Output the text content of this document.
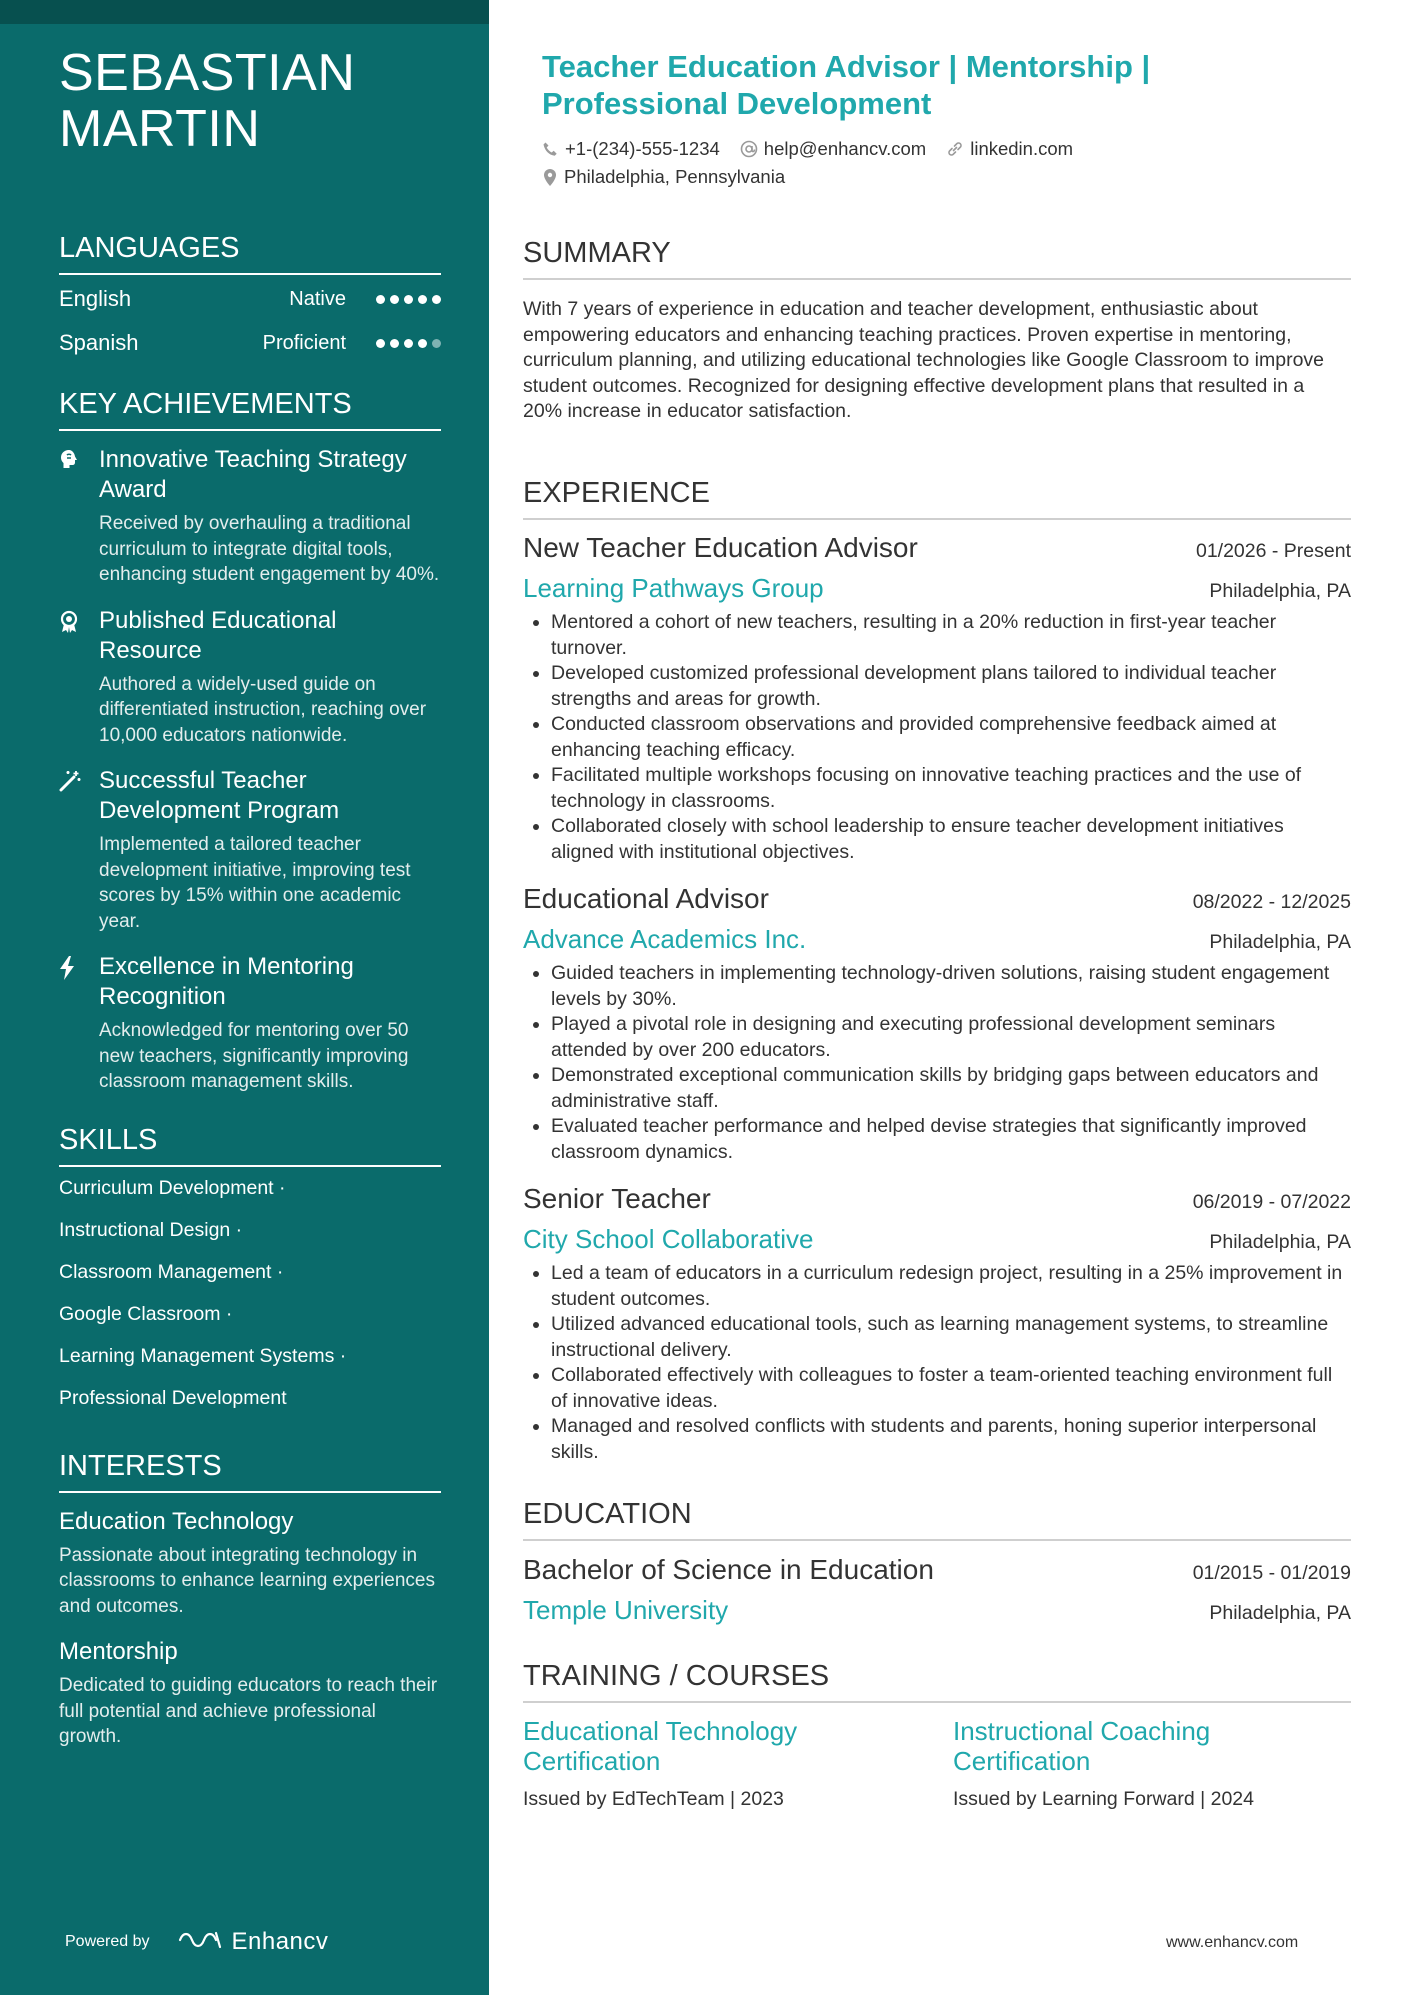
SEBASTIAN MARTIN
LANGUAGES
English	Native
Spanish	Proficient
KEY ACHIEVEMENTS
Innovative Teaching Strategy Award
Received by overhauling a traditional curriculum to integrate digital tools, enhancing student engagement by 40%.
Published Educational Resource
Authored a widely-used guide on differentiated instruction, reaching over 10,000 educators nationwide.
Successful Teacher Development Program
Implemented a tailored teacher development initiative, improving test scores by 15% within one academic year.
Excellence in Mentoring Recognition
Acknowledged for mentoring over 50 new teachers, significantly improving classroom management skills.
SKILLS
Curriculum Development ·
Instructional Design ·
Classroom Management ·
Google Classroom ·
Learning Management Systems ·
Professional Development
INTERESTS
Education Technology
Passionate about integrating technology in classrooms to enhance learning experiences and outcomes.
Mentorship
Dedicated to guiding educators to reach their full potential and achieve professional growth.
Powered by	Enhancv
Teacher Education Advisor | Mentorship | Professional Development
+1-(234)-555-1234 help@enhancv.com linkedin.com
Philadelphia, Pennsylvania
SUMMARY

With 7 years of experience in education and teacher development, enthusiastic about empowering educators and enhancing teaching practices. Proven expertise in mentoring, curriculum planning, and utilizing educational technologies like Google Classroom to improve student outcomes. Recognized for designing effective development plans that resulted in a 20% increase in educator satisfaction.

EXPERIENCE
New Teacher Education Advisor	01/2026 - Present
Learning Pathways Group	Philadelphia, PA
• Mentored a cohort of new teachers, resulting in a 20% reduction in first-year teacher turnover.
• Developed customized professional development plans tailored to individual teacher strengths and areas for growth.
• Conducted classroom observations and provided comprehensive feedback aimed at enhancing teaching efficacy.
• Facilitated multiple workshops focusing on innovative teaching practices and the use of technology in classrooms.
• Collaborated closely with school leadership to ensure teacher development initiatives aligned with institutional objectives.
Educational Advisor	08/2022 - 12/2025
Advance Academics Inc.	Philadelphia, PA
• Guided teachers in implementing technology-driven solutions, raising student engagement levels by 30%.
• Played a pivotal role in designing and executing professional development seminars attended by over 200 educators.
• Demonstrated exceptional communication skills by bridging gaps between educators and administrative staff.
• Evaluated teacher performance and helped devise strategies that significantly improved classroom dynamics.
Senior Teacher	06/2019 - 07/2022
City School Collaborative	Philadelphia, PA
• Led a team of educators in a curriculum redesign project, resulting in a 25% improvement in student outcomes.
• Utilized advanced educational tools, such as learning management systems, to streamline instructional delivery.
• Collaborated effectively with colleagues to foster a team-oriented teaching environment full of innovative ideas.
• Managed and resolved conflicts with students and parents, honing superior interpersonal skills.
EDUCATION
Bachelor of Science in Education	01/2015 - 01/2019
Temple University	Philadelphia, PA
TRAINING / COURSES
Educational Technology Certification
Issued by EdTechTeam | 2023
Instructional Coaching Certification
Issued by Learning Forward | 2024
www.enhancv.com
